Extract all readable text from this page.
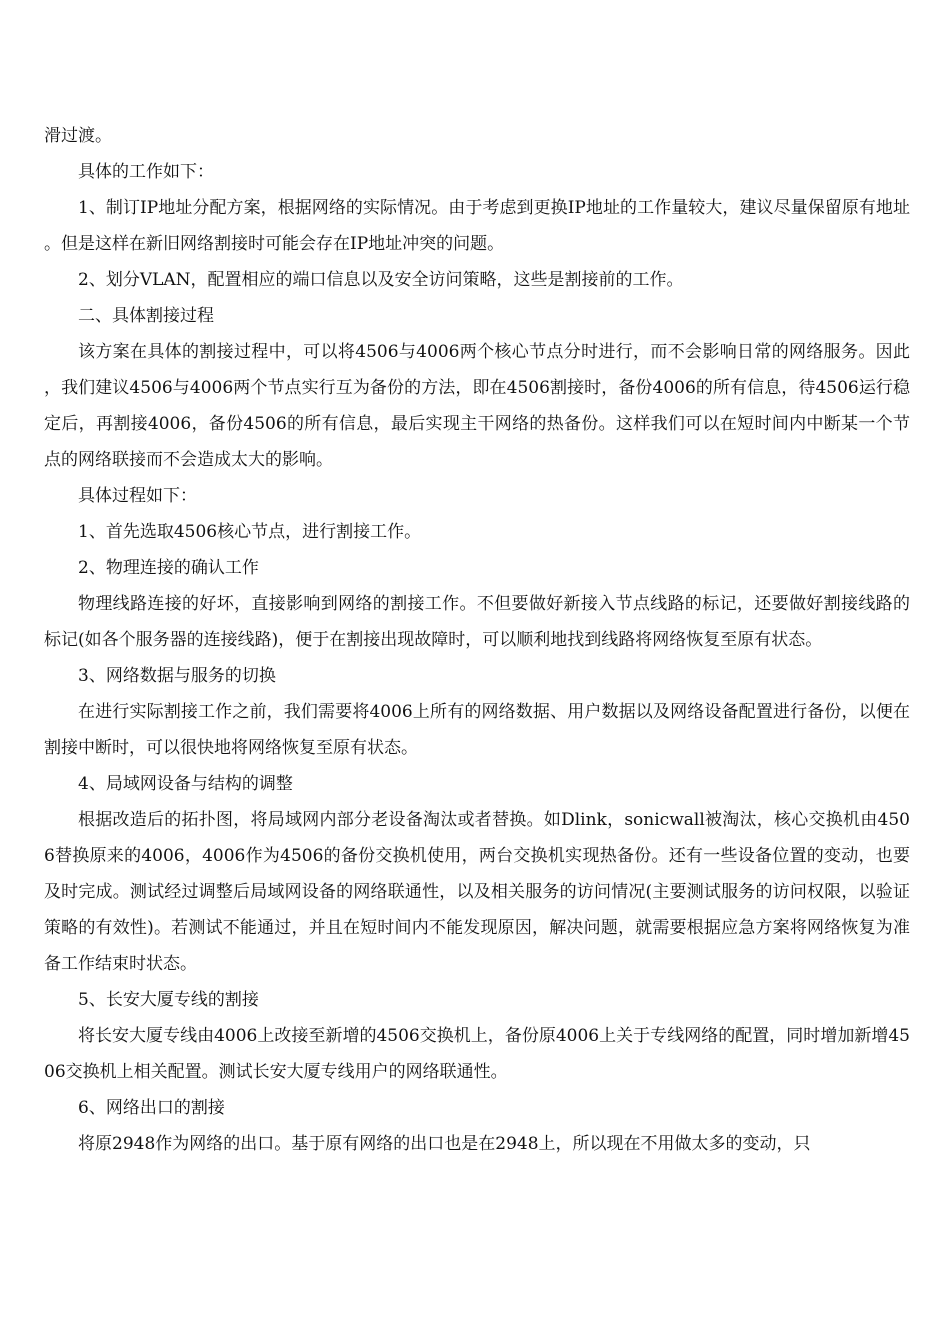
滑过渡。

具体的工作如下：

1、制订IP地址分配方案，根据网络的实际情况。由于考虑到更换IP地址的工作量较大，建议尽量保留原有地址。但是这样在新旧网络割接时可能会存在IP地址冲突的问题。

2、划分VLAN，配置相应的端口信息以及安全访问策略，这些是割接前的工作。

二、具体割接过程

该方案在具体的割接过程中，可以将4506与4006两个核心节点分时进行，而不会影响日常的网络服务。因此，我们建议4506与4006两个节点实行互为备份的方法，即在4506割接时，备份4006的所有信息，待4506运行稳定后，再割接4006，备份4506的所有信息，最后实现主干网络的热备份。这样我们可以在短时间内中断某一个节点的网络联接而不会造成太大的影响。

具体过程如下：

1、首先选取4506核心节点，进行割接工作。

2、物理连接的确认工作

物理线路连接的好坏，直接影响到网络的割接工作。不但要做好新接入节点线路的标记，还要做好割接线路的标记(如各个服务器的连接线路)，便于在割接出现故障时，可以顺利地找到线路将网络恢复至原有状态。

3、网络数据与服务的切换

在进行实际割接工作之前，我们需要将4006上所有的网络数据、用户数据以及网络设备配置进行备份，以便在割接中断时，可以很快地将网络恢复至原有状态。

4、局域网设备与结构的调整

根据改造后的拓扑图，将局域网内部分老设备淘汰或者替换。如Dlink，sonicwall被淘汰，核心交换机由4506替换原来的4006，4006作为4506的备份交换机使用，两台交换机实现热备份。还有一些设备位置的变动，也要及时完成。测试经过调整后局域网设备的网络联通性，以及相关服务的访问情况(主要测试服务的访问权限，以验证策略的有效性)。若测试不能通过，并且在短时间内不能发现原因，解决问题，就需要根据应急方案将网络恢复为准备工作结束时状态。

5、长安大厦专线的割接

将长安大厦专线由4006上改接至新增的4506交换机上，备份原4006上关于专线网络的配置，同时增加新增4506交换机上相关配置。测试长安大厦专线用户的网络联通性。

6、网络出口的割接

将原2948作为网络的出口。基于原有网络的出口也是在2948上，所以现在不用做太多的变动，只
